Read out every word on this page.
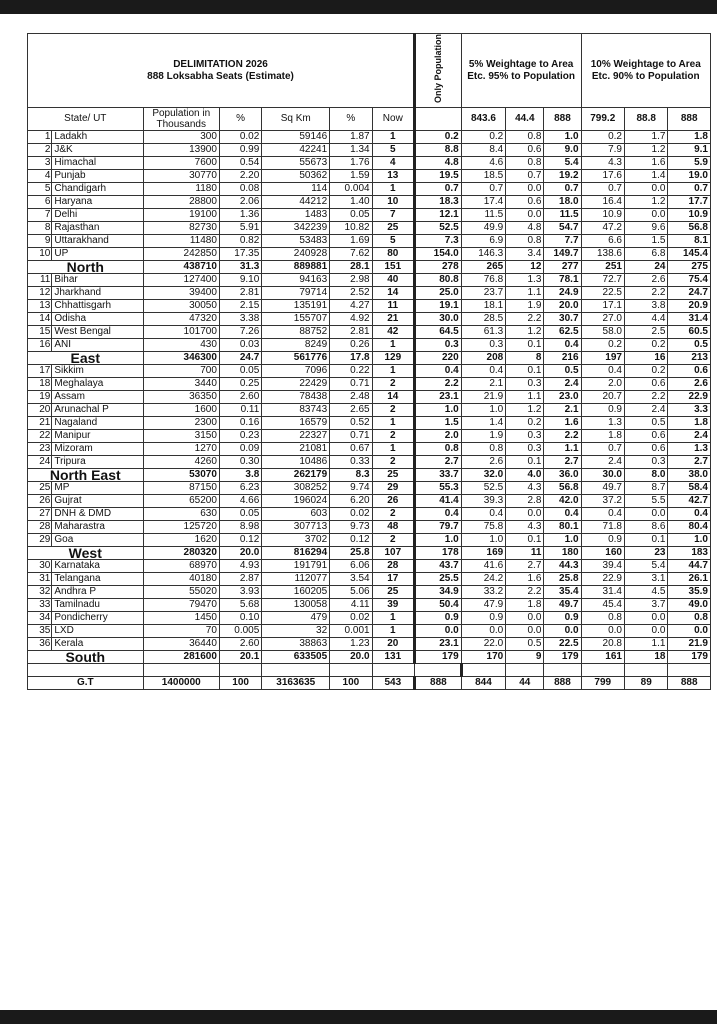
DELIMITATION 2026
888 Loksabha Seats (Estimate)							Only Population	5% Weightage to Area Etc. 95% to Population			10% Weightage to Area Etc. 90% to Population		
State/ UT		Population in Thousands	%	Sq Km	%	Now		843.6	44.4	888	799.2	88.8	888
1	Ladakh	300	0.02	59146	1.87	1	0.2	0.2	0.8	1.0	0.2	1.7	1.8
2	J&K	13900	0.99	42241	1.34	5	8.8	8.4	0.6	9.0	7.9	1.2	9.1
3	Himachal	7600	0.54	55673	1.76	4	4.8	4.6	0.8	5.4	4.3	1.6	5.9
4	Punjab	30770	2.20	50362	1.59	13	19.5	18.5	0.7	19.2	17.6	1.4	19.0
5	Chandigarh	1180	0.08	114	0.004	1	0.7	0.7	0.0	0.7	0.7	0.0	0.7
6	Haryana	28800	2.06	44212	1.40	10	18.3	17.4	0.6	18.0	16.4	1.2	17.7
7	Delhi	19100	1.36	1483	0.05	7	12.1	11.5	0.0	11.5	10.9	0.0	10.9
8	Rajasthan	82730	5.91	342239	10.82	25	52.5	49.9	4.8	54.7	47.2	9.6	56.8
9	Uttarakhand	11480	0.82	53483	1.69	5	7.3	6.9	0.8	7.7	6.6	1.5	8.1
10	UP	242850	17.35	240928	7.62	80	154.0	146.3	3.4	149.7	138.6	6.8	145.4
North		438710	31.3	889881	28.1	151	278	265	12	277	251	24	275
11	Bihar	127400	9.10	94163	2.98	40	80.8	76.8	1.3	78.1	72.7	2.6	75.4
12	Jharkhand	39400	2.81	79714	2.52	14	25.0	23.7	1.1	24.9	22.5	2.2	24.7
13	Chhattisgarh	30050	2.15	135191	4.27	11	19.1	18.1	1.9	20.0	17.1	3.8	20.9
14	Odisha	47320	3.38	155707	4.92	21	30.0	28.5	2.2	30.7	27.0	4.4	31.4
15	West Bengal	101700	7.26	88752	2.81	42	64.5	61.3	1.2	62.5	58.0	2.5	60.5
16	ANI	430	0.03	8249	0.26	1	0.3	0.3	0.1	0.4	0.2	0.2	0.5
East		346300	24.7	561776	17.8	129	220	208	8	216	197	16	213
17	Sikkim	700	0.05	7096	0.22	1	0.4	0.4	0.1	0.5	0.4	0.2	0.6
18	Meghalaya	3440	0.25	22429	0.71	2	2.2	2.1	0.3	2.4	2.0	0.6	2.6
19	Assam	36350	2.60	78438	2.48	14	23.1	21.9	1.1	23.0	20.7	2.2	22.9
20	Arunachal P	1600	0.11	83743	2.65	2	1.0	1.0	1.2	2.1	0.9	2.4	3.3
21	Nagaland	2300	0.16	16579	0.52	1	1.5	1.4	0.2	1.6	1.3	0.5	1.8
22	Manipur	3150	0.23	22327	0.71	2	2.0	1.9	0.3	2.2	1.8	0.6	2.4
23	Mizoram	1270	0.09	21081	0.67	1	0.8	0.8	0.3	1.1	0.7	0.6	1.3
24	Tripura	4260	0.30	10486	0.33	2	2.7	2.6	0.1	2.7	2.4	0.3	2.7
North East		53070	3.8	262179	8.3	25	33.7	32.0	4.0	36.0	30.0	8.0	38.0
25	MP	87150	6.23	308252	9.74	29	55.3	52.5	4.3	56.8	49.7	8.7	58.4
26	Gujrat	65200	4.66	196024	6.20	26	41.4	39.3	2.8	42.0	37.2	5.5	42.7
27	DNH & DMD	630	0.05	603	0.02	2	0.4	0.4	0.0	0.4	0.4	0.0	0.4
28	Maharastra	125720	8.98	307713	9.73	48	79.7	75.8	4.3	80.1	71.8	8.6	80.4
29	Goa	1620	0.12	3702	0.12	2	1.0	1.0	0.1	1.0	0.9	0.1	1.0
West		280320	20.0	816294	25.8	107	178	169	11	180	160	23	183
30	Karnataka	68970	4.93	191791	6.06	28	43.7	41.6	2.7	44.3	39.4	5.4	44.7
31	Telangana	40180	2.87	112077	3.54	17	25.5	24.2	1.6	25.8	22.9	3.1	26.1
32	Andhra P	55020	3.93	160205	5.06	25	34.9	33.2	2.2	35.4	31.4	4.5	35.9
33	Tamilnadu	79470	5.68	130058	4.11	39	50.4	47.9	1.8	49.7	45.4	3.7	49.0
34	Pondicherry	1450	0.10	479	0.02	1	0.9	0.9	0.0	0.9	0.8	0.0	0.8
35	LXD	70	0.005	32	0.001	1	0.0	0.0	0.0	0.0	0.0	0.0	0.0
36	Kerala	36440	2.60	38863	1.23	20	23.1	22.0	0.5	22.5	20.8	1.1	21.9
South		281600	20.1	633505	20.0	131	179	170	9	179	161	18	179

G.T		1400000	100	3163635	100	543	888	844	44	888	799	89	888
